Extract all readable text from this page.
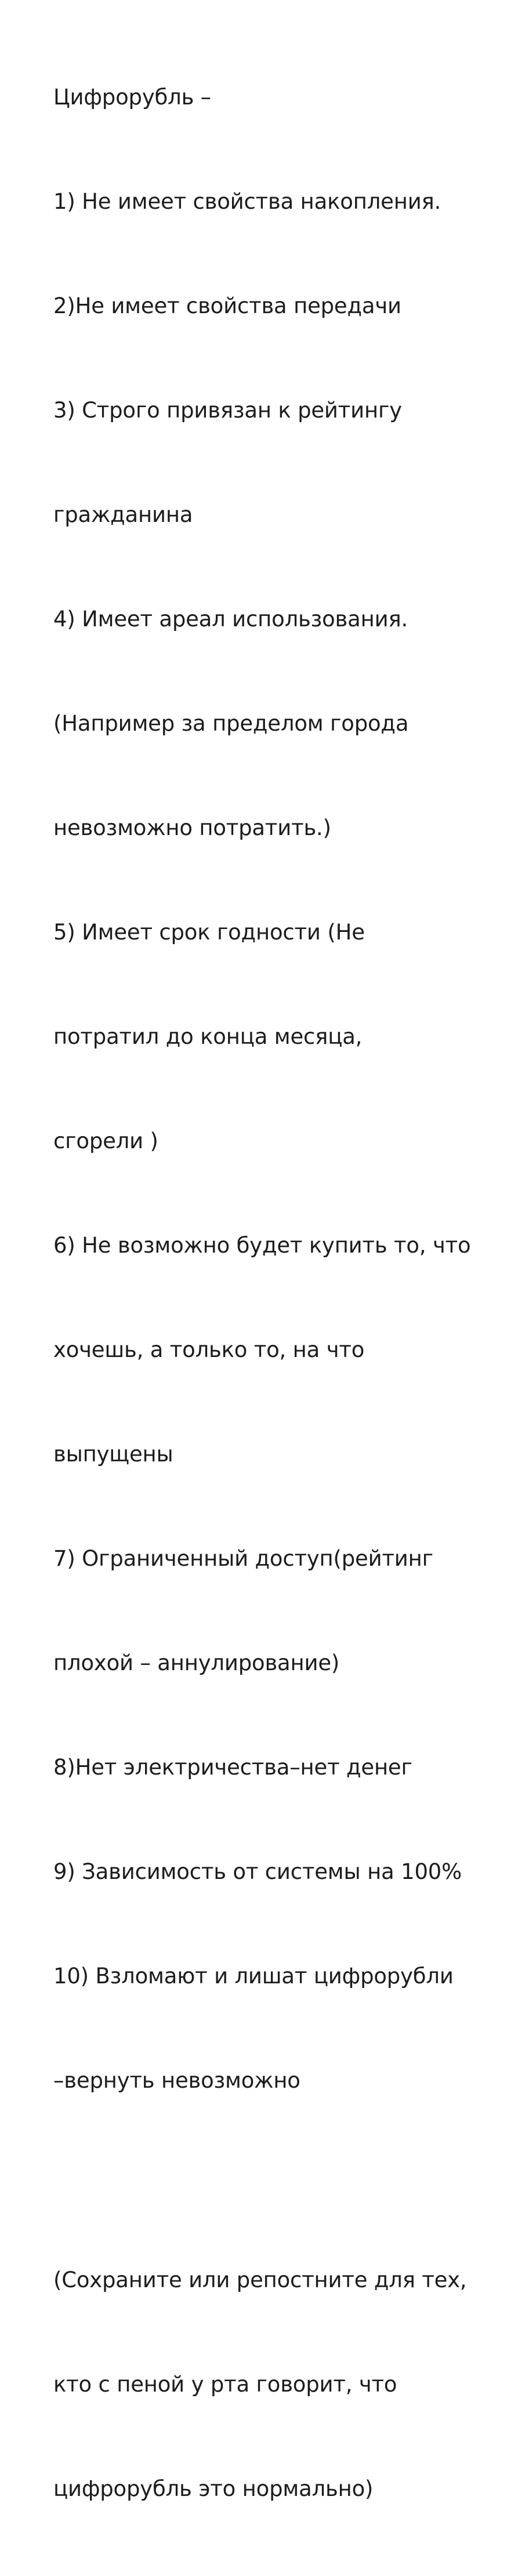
Цифрорубль –

1) Не имеет свойства накопления.

2)Не имеет свойства передачи

3) Строго привязан к рейтингу

гражданина

4) Имеет ареал использования.

(Например за пределом города

невозможно потратить.)

5) Имеет срок годности (Не

потратил до конца месяца,

сгорели )

6) Не возможно будет купить то, что

хочешь, а только то, на что

выпущены

7) Ограниченный доступ(рейтинг

плохой – аннулирование)

8)Нет электричества–нет денег

9) Зависимость от системы на 100%

10) Взломают и лишат цифрорубли

–вернуть невозможно

(Сохраните или репостните для тех,

кто с пеной у рта говорит, что

цифрорубль это нормально)
